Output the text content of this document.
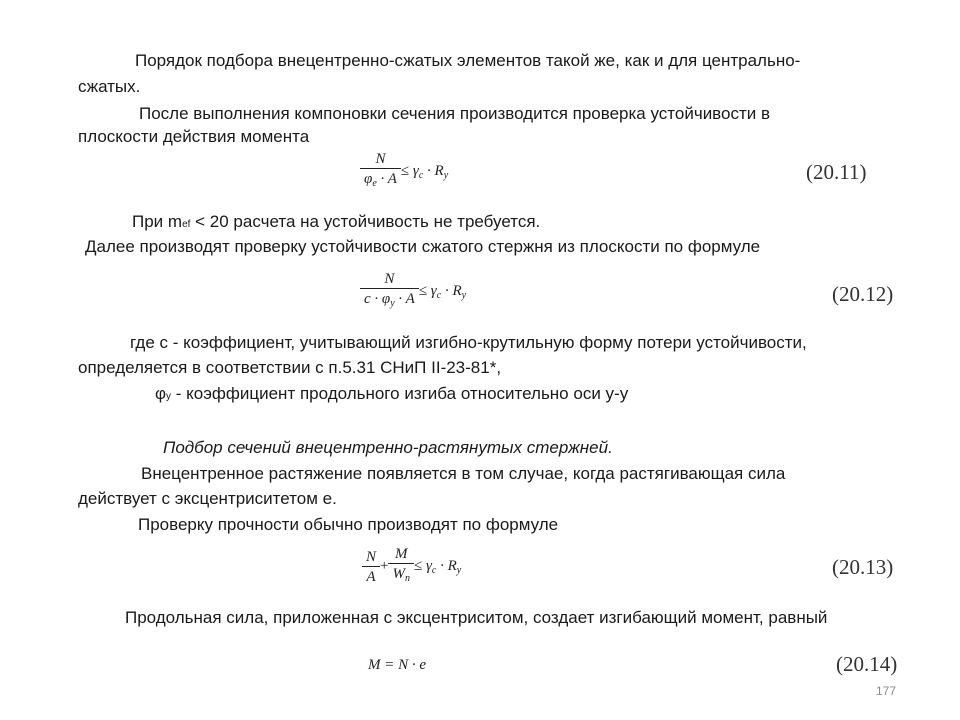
Порядок подбора внецентренно-сжатых элементов такой же, как и для центрально-
сжатых.
После выполнения компоновки сечения производится проверка устойчивости в
плоскости действия момента
$\frac{N}{\varphi_e \cdot A} \le \gamma_c \cdot R_y$	(20.11)
При mef < 20 расчета на устойчивость не требуется.
Далее производят проверку устойчивости сжатого стержня из плоскости по формуле
$\frac{N}{c \cdot \varphi_y \cdot A} \le \gamma_c \cdot R_y$	(20.12)
где с - коэффициент, учитывающий изгибно-крутильную форму потери устойчивости,
определяется в соответствии с п.5.31 СНиП II-23-81*,
φy - коэффициент продольного изгиба относительно оси у-у
Подбор сечений внецентренно-растянутых стержней.
Внецентренное растяжение появляется в том случае, когда растягивающая сила
действует с эксцентриситетом е.
Проверку прочности обычно производят по формуле
$\frac{N}{A} + \frac{M}{W_n} \le \gamma_c \cdot R_y$	(20.13)
Продольная сила, приложенная с эксцентриситом, создает изгибающий момент, равный
M = N · e	(20.14)
177
